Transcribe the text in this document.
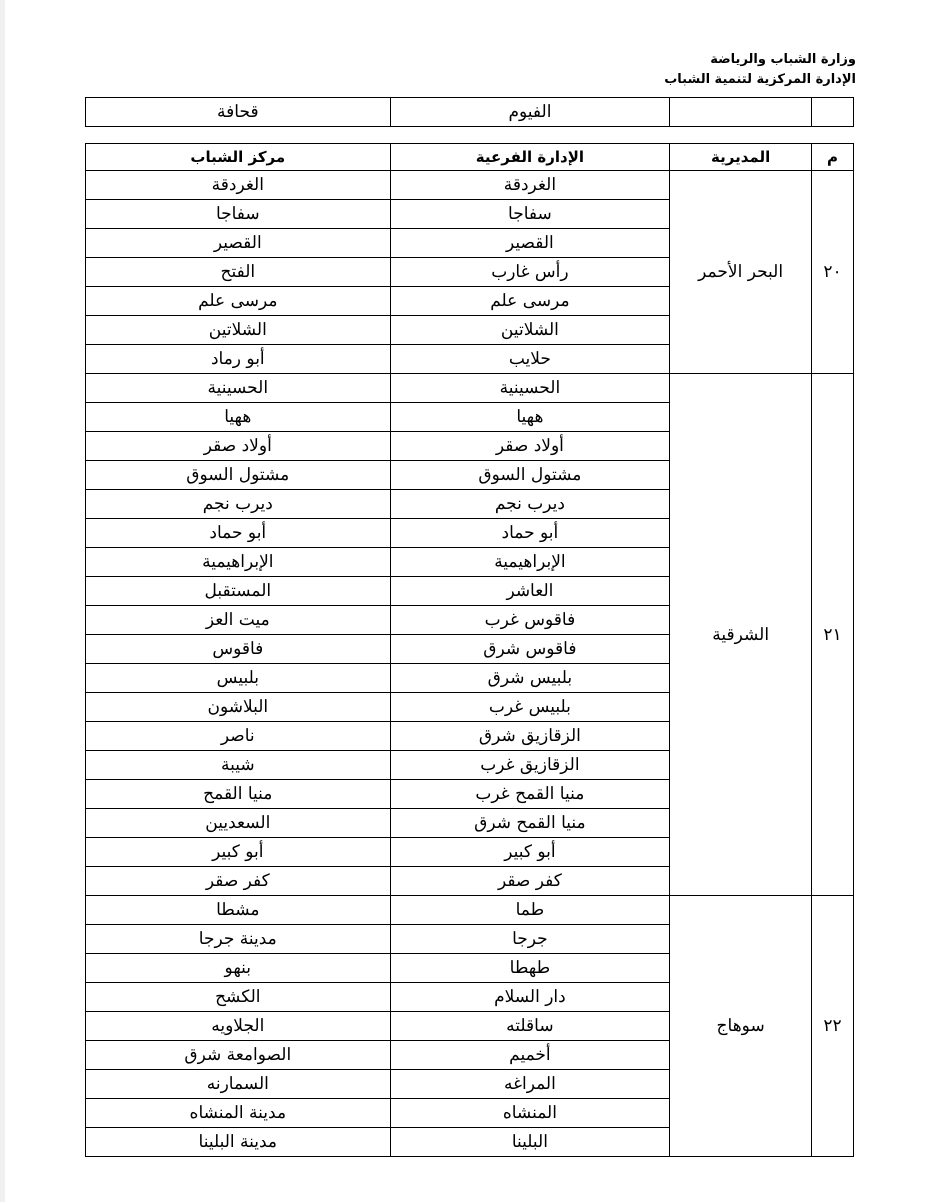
وزارة الشباب والرياضة
الإدارة المركزية لتنمية الشباب
		الفيوم	قحافة
م	المديرية	الإدارة الفرعية	مركز الشباب
٢٠	البحر الأحمر	الغردقة	الغردقة
		سفاجا	سفاجا
		القصير	القصير
		رأس غارب	الفتح
		مرسى علم	مرسى علم
		الشلاتين	الشلاتين
		حلايب	أبو رماد
٢١	الشرقية	الحسينية	الحسينية
		ههيا	ههيا
		أولاد صقر	أولاد صقر
		مشتول السوق	مشتول السوق
		ديرب نجم	ديرب نجم
		أبو حماد	أبو حماد
		الإبراهيمية	الإبراهيمية
		العاشر	المستقبل
		فاقوس غرب	ميت العز
		فاقوس شرق	فاقوس
		بلبيس شرق	بلبيس
		بلبيس غرب	البلاشون
		الزقازيق شرق	ناصر
		الزقازيق غرب	شيبة
		منيا القمح غرب	منيا القمح
		منيا القمح شرق	السعديين
		أبو كبير	أبو كبير
		كفر صقر	كفر صقر
٢٢	سوهاج	طما	مشطا
		جرجا	مدينة جرجا
		طهطا	بنهو
		دار السلام	الكشح
		ساقلته	الجلاويه
		أخميم	الصوامعة شرق
		المراغه	السمارنه
		المنشاه	مدينة المنشاه
		البلينا	مدينة البلينا
